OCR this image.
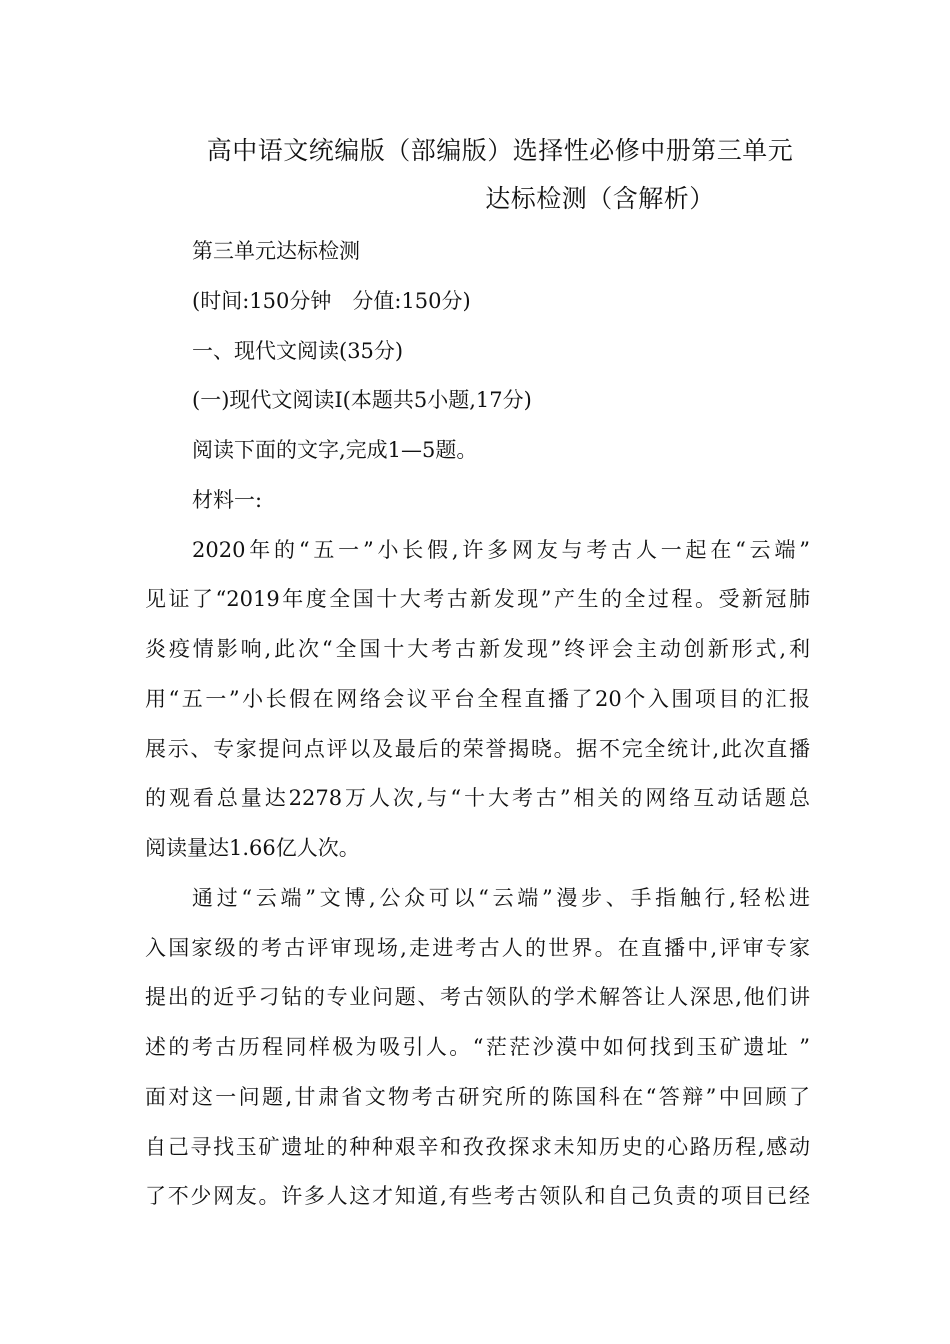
高中语文统编版（部编版）选择性必修中册第三单元
达标检测（含解析）
第三单元达标检测
(时间:150分钟　分值:150分)
一、现代文阅读(35分)
(一)现代文阅读Ⅰ(本题共5小题,17分)
阅读下面的文字,完成1—5题。
材料一:
2020年的“五一”小长假,许多网友与考古人一起在“云端”
见证了“2019年度全国十大考古新发现”产生的全过程。受新冠肺
炎疫情影响,此次“全国十大考古新发现”终评会主动创新形式,利
用“五一”小长假在网络会议平台全程直播了20个入围项目的汇报
展示、专家提问点评以及最后的荣誉揭晓。据不完全统计,此次直播
的观看总量达2278万人次,与“十大考古”相关的网络互动话题总
阅读量达1.66亿人次。
通过“云端”文博,公众可以“云端”漫步、手指触行,轻松进
入国家级的考古评审现场,走进考古人的世界。在直播中,评审专家
提出的近乎刁钻的专业问题、考古领队的学术解答让人深思,他们讲
述的考古历程同样极为吸引人。“茫茫沙漠中如何找到玉矿遗址 ”
面对这一问题,甘肃省文物考古研究所的陈国科在“答辩”中回顾了
自己寻找玉矿遗址的种种艰辛和孜孜探求未知历史的心路历程,感动
了不少网友。许多人这才知道,有些考古领队和自己负责的项目已经
